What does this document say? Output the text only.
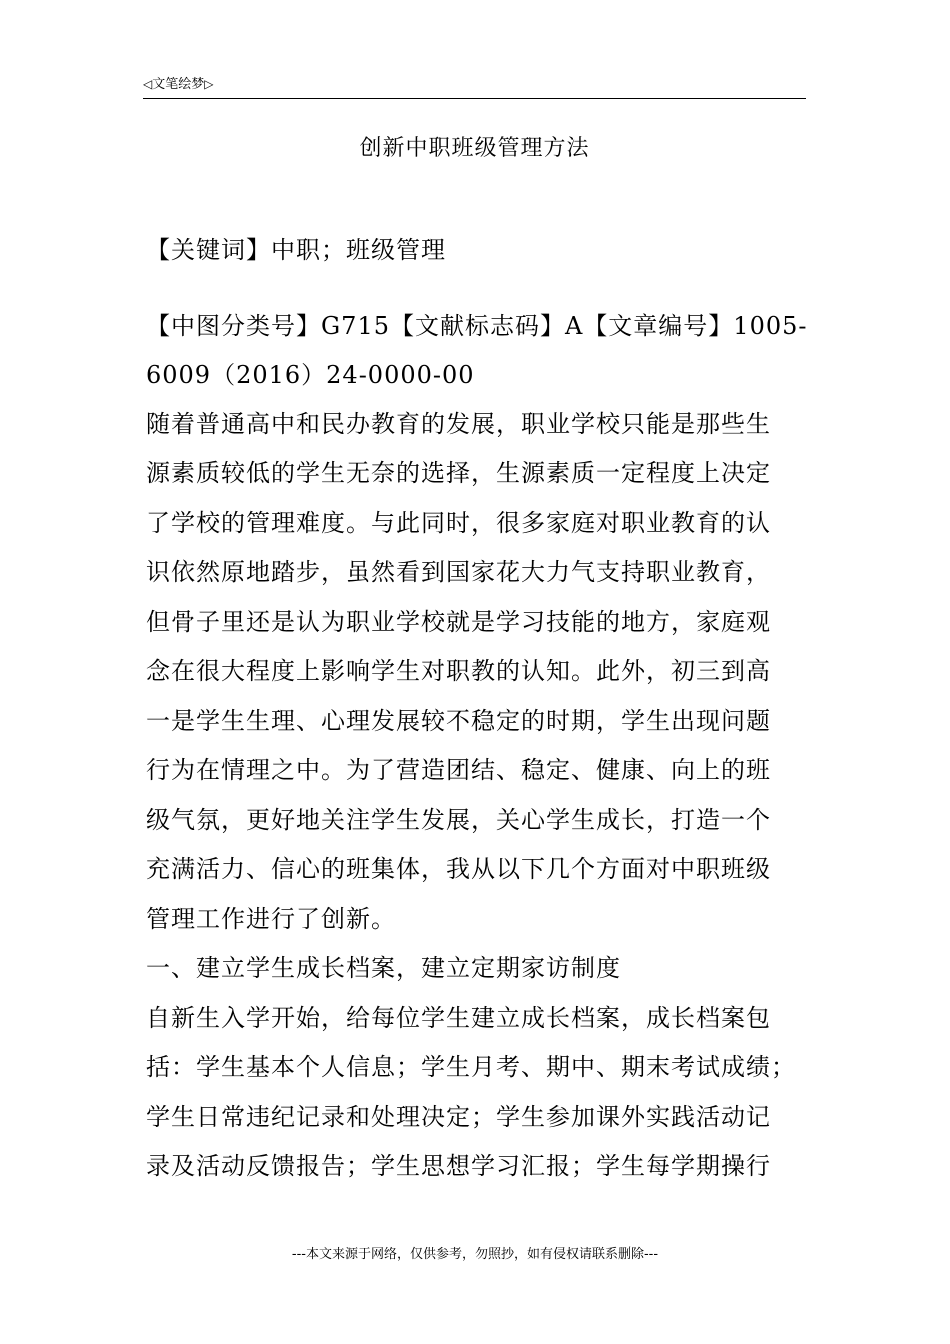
◁文笔绘梦▷
创新中职班级管理方法
【关键词】中职；班级管理
【中图分类号】G715【文献标志码】A【文章编号】1005-
6009（2016）24-0000-00
随着普通高中和民办教育的发展，职业学校只能是那些生
源素质较低的学生无奈的选择，生源素质一定程度上决定
了学校的管理难度。与此同时，很多家庭对职业教育的认
识依然原地踏步，虽然看到国家花大力气支持职业教育，
但骨子里还是认为职业学校就是学习技能的地方，家庭观
念在很大程度上影响学生对职教的认知。此外，初三到高
一是学生生理、心理发展较不稳定的时期，学生出现问题
行为在情理之中。为了营造团结、稳定、健康、向上的班
级气氛，更好地关注学生发展，关心学生成长，打造一个
充满活力、信心的班集体，我从以下几个方面对中职班级
管理工作进行了创新。
一、建立学生成长档案，建立定期家访制度
自新生入学开始，给每位学生建立成长档案，成长档案包
括：学生基本个人信息；学生月考、期中、期末考试成绩；
学生日常违纪记录和处理决定；学生参加课外实践活动记
录及活动反馈报告；学生思想学习汇报；学生每学期操行
---本文来源于网络，仅供参考，勿照抄，如有侵权请联系删除---
